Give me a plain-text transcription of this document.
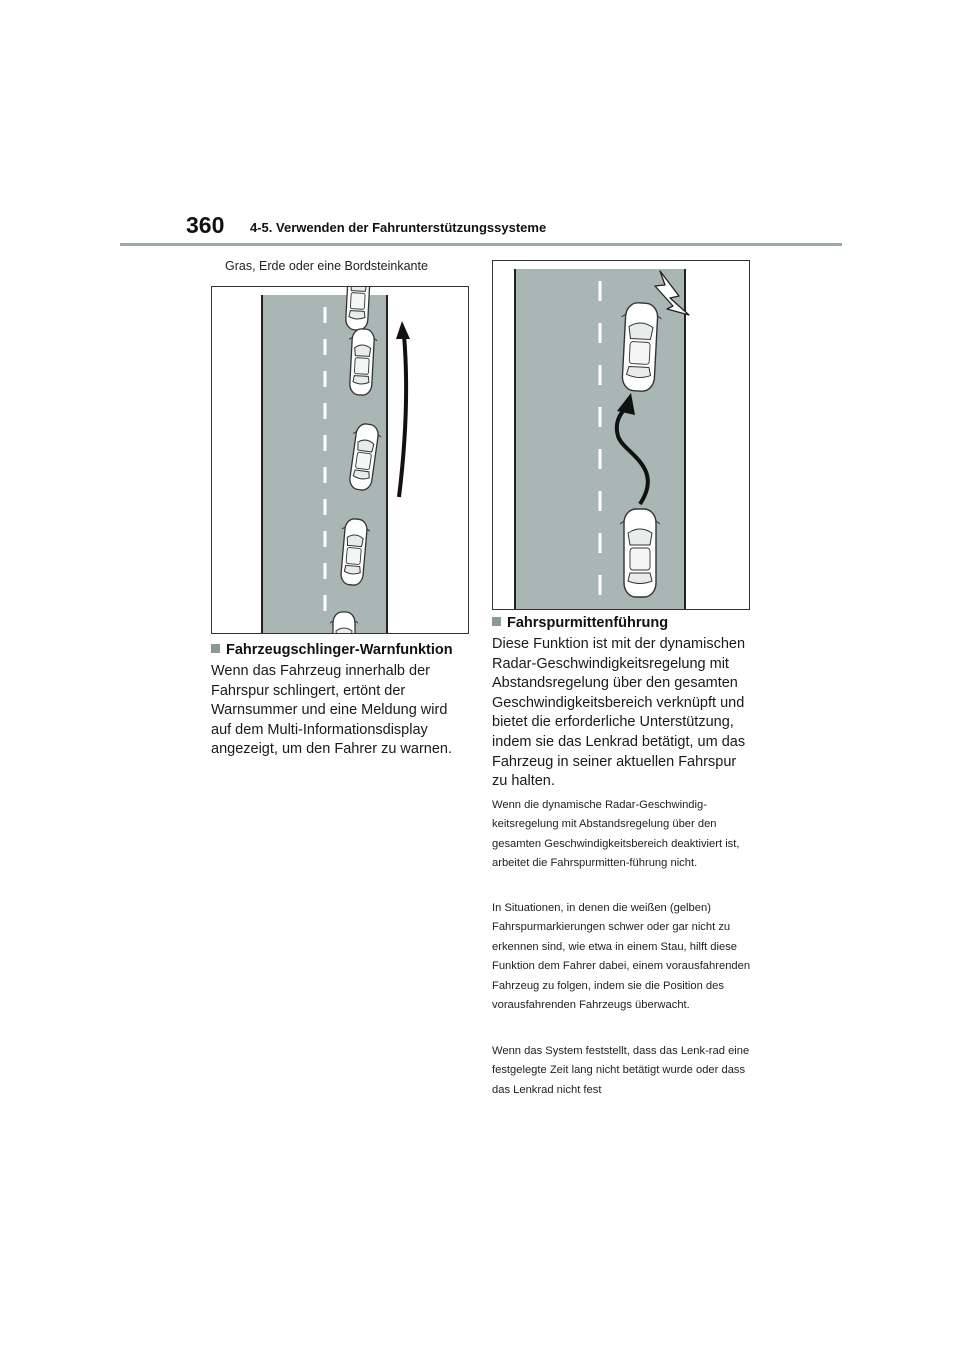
360 4-5. Verwenden der Fahrunterstützungssysteme
Gras, Erde oder eine Bordsteinkante
Fahrzeugschlinger-Warnfunktion
Wenn das Fahrzeug innerhalb der Fahrspur schlingert, ertönt der Warnsummer und eine Meldung wird auf dem Multi-Informationsdisplay angezeigt, um den Fahrer zu warnen.
Fahrspurmittenführung
Diese Funktion ist mit der dynamischen Radar-Geschwindigkeitsregelung mit Abstandsregelung über den gesamten Geschwindigkeitsbereich verknüpft und bietet die erforderliche Unterstützung, indem sie das Lenkrad betätigt, um das Fahrzeug in seiner aktuellen Fahrspur zu halten.
Wenn die dynamische Radar-Geschwindig-keitsregelung mit Abstandsregelung über den gesamten Geschwindigkeitsbereich deaktiviert ist, arbeitet die Fahrspurmitten-führung nicht.
In Situationen, in denen die weißen (gelben) Fahrspurmarkierungen schwer oder gar nicht zu erkennen sind, wie etwa in einem Stau, hilft diese Funktion dem Fahrer dabei, einem vorausfahrenden Fahrzeug zu folgen, indem sie die Position des vorausfahrenden Fahrzeugs überwacht.
Wenn das System feststellt, dass das Lenk-rad eine festgelegte Zeit lang nicht betätigt wurde oder dass das Lenkrad nicht fest
